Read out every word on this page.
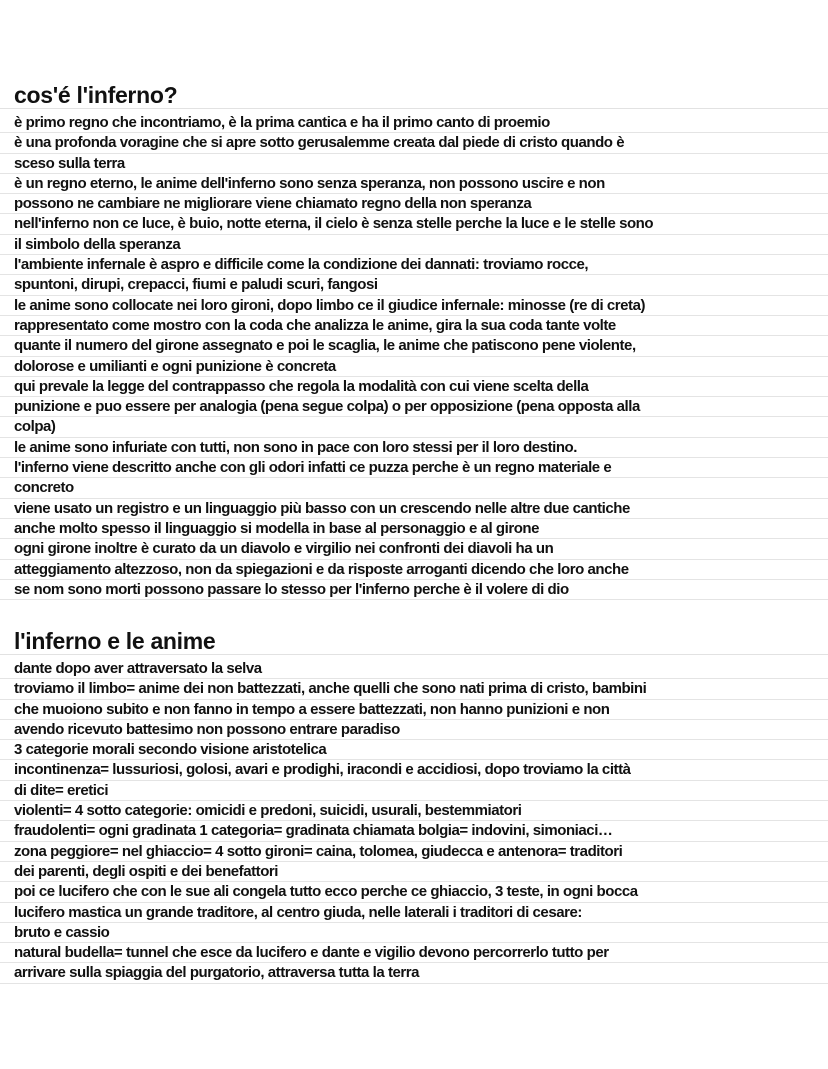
cos'é l'inferno?
è primo regno che incontriamo, è la prima cantica e ha il primo canto di proemio
è una profonda voragine che si apre sotto gerusalemme creata dal piede di cristo quando è
sceso sulla terra
è un regno eterno, le anime dell'inferno sono senza speranza, non possono uscire e non
possono ne cambiare ne migliorare viene chiamato regno della non speranza
nell'inferno non ce luce, è buio, notte eterna, il cielo è senza stelle perche la luce e le stelle sono
il simbolo della speranza
l'ambiente infernale è aspro e difficile come la condizione dei dannati: troviamo rocce,
spuntoni, dirupi, crepacci, fiumi e paludi scuri, fangosi
le anime sono collocate nei loro gironi, dopo limbo ce il giudice infernale: minosse (re di creta)
rappresentato come mostro con la coda che analizza le anime, gira la sua coda tante volte
quante il numero del girone assegnato e poi le scaglia, le anime che patiscono pene violente,
dolorose e umilianti e ogni punizione è concreta
qui prevale la legge del contrappasso che regola la modalità con cui viene scelta della
punizione e puo essere per analogia (pena segue colpa) o per opposizione (pena opposta alla
colpa)
le anime sono infuriate con tutti, non sono in pace con loro stessi per il loro destino.
l'inferno viene descritto anche con gli odori infatti ce puzza perche è un regno materiale e
concreto
viene usato un registro e un linguaggio più basso con un crescendo nelle altre due cantiche
anche molto spesso il linguaggio si modella in base al personaggio e al girone
ogni girone inoltre è curato da un diavolo e virgilio nei confronti dei diavoli ha un
atteggiamento altezzoso, non da spiegazioni e da risposte arroganti dicendo che loro anche
se nom sono morti possono passare lo stesso per l'inferno perche è il volere di dio
l'inferno e le anime
dante dopo aver attraversato la selva
troviamo il limbo= anime dei non battezzati, anche quelli che sono nati prima di cristo, bambini
che muoiono subito e non fanno in tempo a essere battezzati, non hanno punizioni e non
avendo ricevuto battesimo non possono entrare paradiso
3 categorie morali secondo visione aristotelica
incontinenza= lussuriosi, golosi, avari e prodighi, iracondi e accidiosi, dopo troviamo la città
di dite= eretici
violenti= 4 sotto categorie: omicidi e predoni, suicidi, usurali, bestemmiatori
fraudolenti= ogni gradinata 1 categoria= gradinata chiamata bolgia= indovini, simoniaci…
zona peggiore= nel ghiaccio= 4 sotto gironi= caina, tolomea, giudecca e antenora= traditori
dei parenti, degli ospiti e dei benefattori
poi ce lucifero che con le sue ali congela tutto ecco perche ce ghiaccio, 3 teste, in ogni bocca
lucifero mastica un grande traditore, al centro giuda, nelle laterali i traditori di cesare:
bruto e cassio
natural budella= tunnel che esce da lucifero e dante e vigilio devono percorrerlo tutto per
arrivare sulla spiaggia del purgatorio, attraversa tutta la terra
